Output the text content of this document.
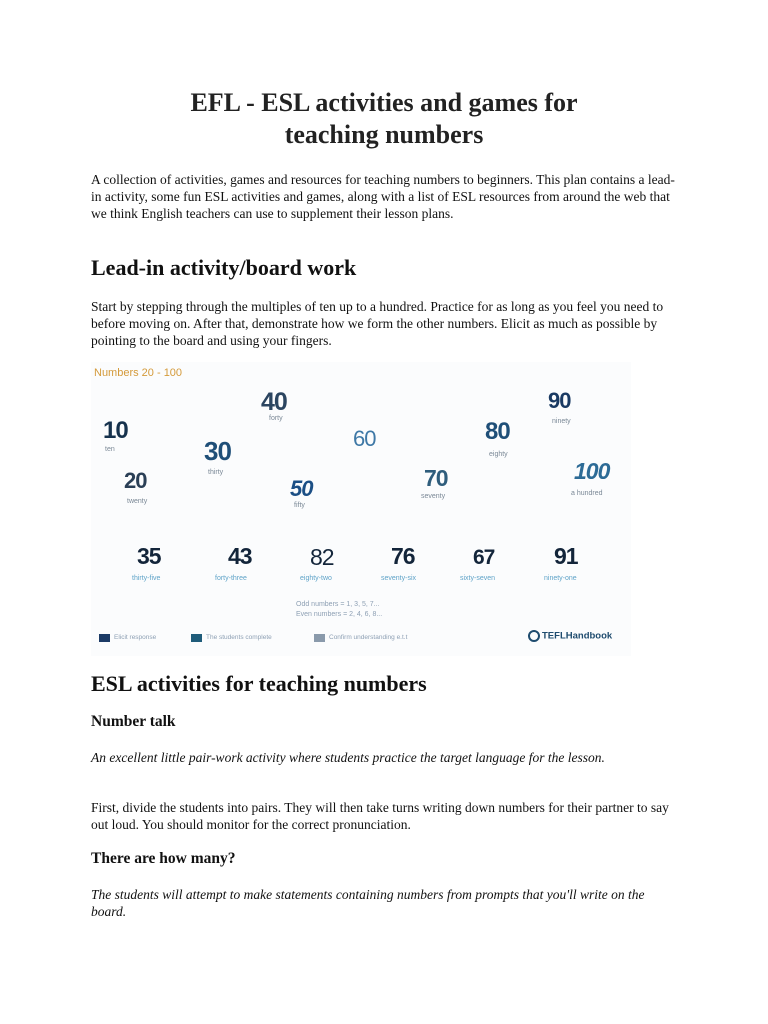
EFL - ESL activities and games for
teaching numbers

A collection of activities, games and resources for teaching numbers to beginners. This plan contains a lead-in activity, some fun ESL activities and games, along with a list of ESL resources from around the web that we think English teachers can use to supplement their lesson plans.

Lead-in activity/board work

Start by stepping through the multiples of ten up to a hundred. Practice for as long as you feel you need to before moving on. After that, demonstrate how we form the other numbers. Elicit as much as possible by pointing to the board and using your fingers.

ESL activities for teaching numbers
Number talk

An excellent little pair-work activity where students practice the target language for the lesson.

First, divide the students into pairs. They will then take turns writing down numbers for their partner to say out loud. You should monitor for the correct pronunciation.

There are how many?

The students will attempt to make statements containing numbers from prompts that you'll write on the board.

Numbers 20 - 100
10
ten
20
twenty
30
thirty
40
forty
50
fifty
60
70
seventy
80
eighty
90
ninety
100
a hundred
35
thirty-five
43
forty-three
82
eighty-two
76
seventy-six
67
sixty-seven
91
ninety-one
Odd numbers = 1, 3, 5, 7...
Even numbers = 2, 4, 6, 8...
Elicit response	The students complete	Confirm understanding e.t.t	TEFLHandbook
